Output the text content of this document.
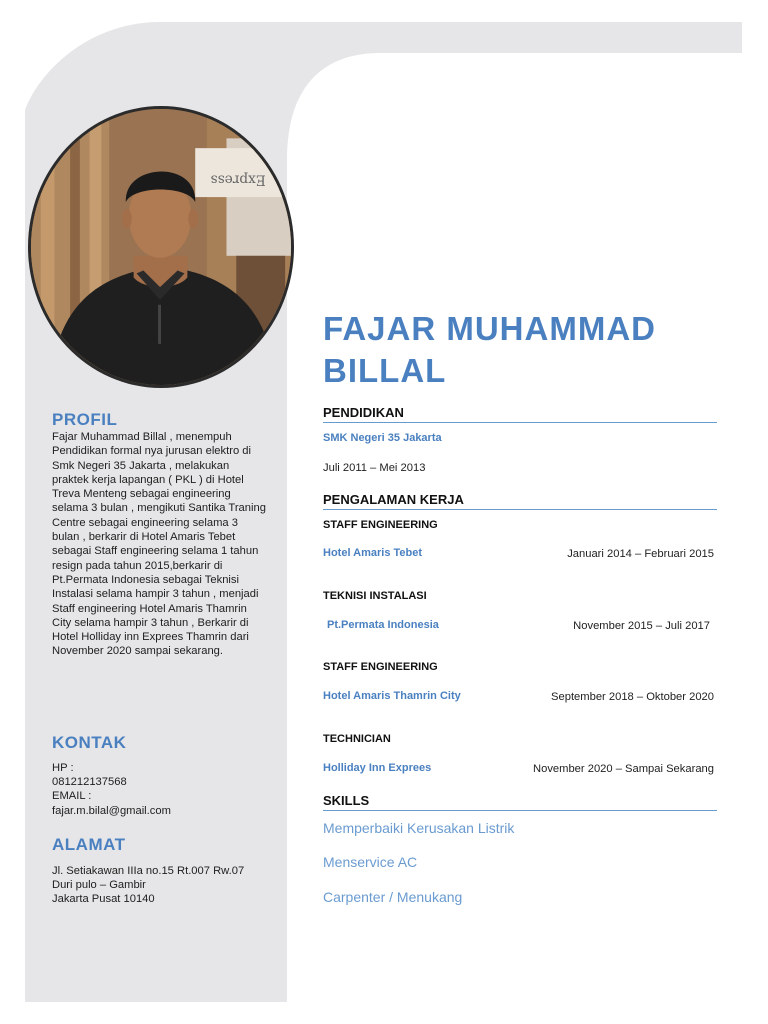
Express
PROFIL
Fajar Muhammad Billal , menempuh Pendidikan formal nya jurusan elektro di Smk Negeri 35 Jakarta , melakukan praktek kerja lapangan ( PKL ) di Hotel Treva Menteng sebagai engineering selama 3 bulan , mengikuti Santika Traning Centre sebagai engineering selama 3 bulan , berkarir di Hotel Amaris Tebet sebagai Staff engineering selama 1 tahun resign pada tahun 2015,berkarir di Pt.Permata Indonesia sebagai Teknisi Instalasi selama hampir 3 tahun , menjadi Staff engineering Hotel Amaris Thamrin City selama hampir 3 tahun , Berkarir di Hotel Holliday inn Exprees Thamrin dari November 2020 sampai sekarang.
KONTAK
HP :
081212137568
EMAIL :
fajar.m.bilal@gmail.com
ALAMAT
Jl. Setiakawan IIIa no.15 Rt.007 Rw.07
Duri pulo – Gambir
Jakarta Pusat 10140
FAJAR MUHAMMAD BILLAL
PENDIDIKAN
SMK Negeri 35 Jakarta
Juli 2011 – Mei 2013
PENGALAMAN KERJA
STAFF ENGINEERING
Hotel Amaris Tebet	Januari 2014 – Februari 2015
TEKNISI INSTALASI
Pt.Permata Indonesia	November 2015 – Juli 2017
STAFF ENGINEERING
Hotel Amaris Thamrin City	September 2018 – Oktober 2020
TECHNICIAN
Holliday Inn Exprees	November 2020 – Sampai Sekarang
SKILLS
Memperbaiki Kerusakan Listrik
Menservice AC
Carpenter / Menukang
